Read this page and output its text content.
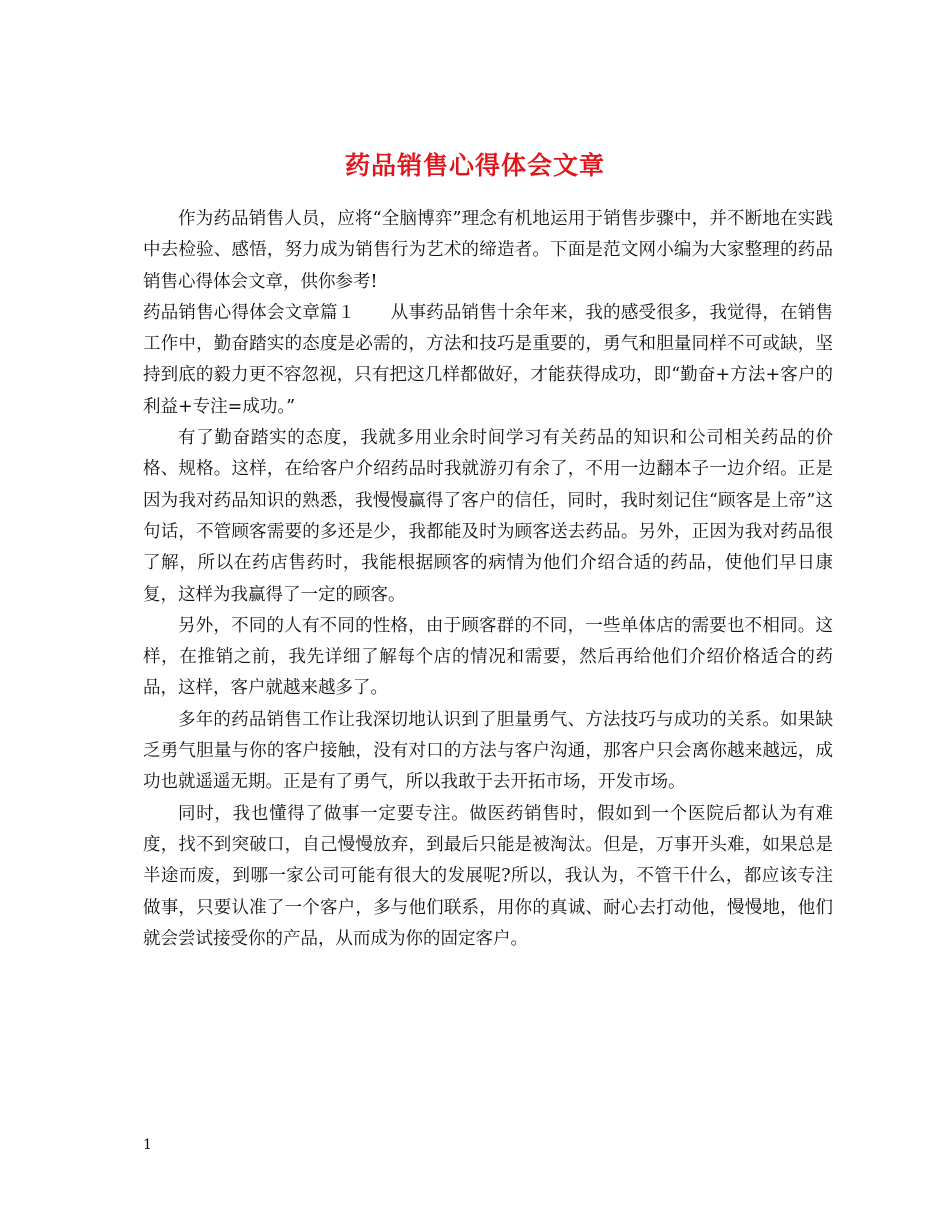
药品销售心得体会文章

作为药品销售人员，应将“全脑博弈”理念有机地运用于销售步骤中，并不断地在实践中去检验、感悟，努力成为销售行为艺术的缔造者。下面是范文网小编为大家整理的药品销售心得体会文章，供你参考!

药品销售心得体会文章篇１　　从事药品销售十余年来，我的感受很多，我觉得，在销售工作中，勤奋踏实的态度是必需的，方法和技巧是重要的，勇气和胆量同样不可或缺，坚持到底的毅力更不容忽视，只有把这几样都做好，才能获得成功，即“勤奋+方法+客户的利益+专注=成功。”

有了勤奋踏实的态度，我就多用业余时间学习有关药品的知识和公司相关药品的价格、规格。这样，在给客户介绍药品时我就游刃有余了，不用一边翻本子一边介绍。正是因为我对药品知识的熟悉，我慢慢赢得了客户的信任，同时，我时刻记住“顾客是上帝”这句话，不管顾客需要的多还是少，我都能及时为顾客送去药品。另外，正因为我对药品很了解，所以在药店售药时，我能根据顾客的病情为他们介绍合适的药品，使他们早日康复，这样为我赢得了一定的顾客。

另外，不同的人有不同的性格，由于顾客群的不同，一些单体店的需要也不相同。这样，在推销之前，我先详细了解每个店的情况和需要，然后再给他们介绍价格适合的药品，这样，客户就越来越多了。

多年的药品销售工作让我深切地认识到了胆量勇气、方法技巧与成功的关系。如果缺乏勇气胆量与你的客户接触，没有对口的方法与客户沟通，那客户只会离你越来越远，成功也就遥遥无期。正是有了勇气，所以我敢于去开拓市场，开发市场。

同时，我也懂得了做事一定要专注。做医药销售时，假如到一个医院后都认为有难度，找不到突破口，自己慢慢放弃，到最后只能是被淘汰。但是，万事开头难，如果总是半途而废，到哪一家公司可能有很大的发展呢?所以，我认为，不管干什么，都应该专注做事，只要认准了一个客户，多与他们联系，用你的真诚、耐心去打动他，慢慢地，他们就会尝试接受你的产品，从而成为你的固定客户。

1
